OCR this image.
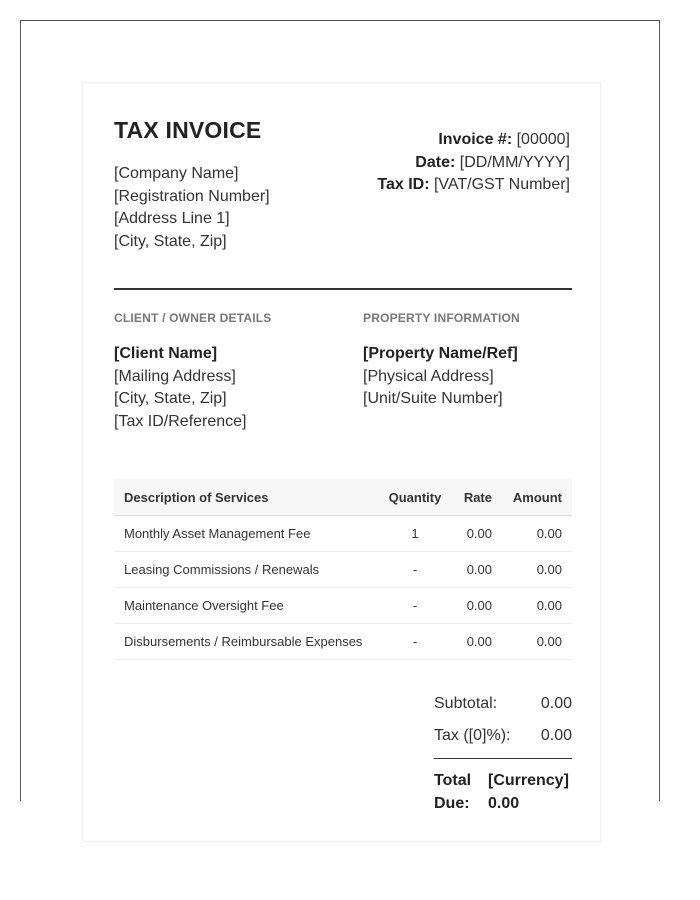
TAX INVOICE
[Company Name]
[Registration Number]
[Address Line 1]
[City, State, Zip]
Invoice #: [00000]
Date: [DD/MM/YYYY]
Tax ID: [VAT/GST Number]
CLIENT / OWNER DETAILS	PROPERTY INFORMATION
[Client Name]
[Mailing Address]
[City, State, Zip]
[Tax ID/Reference]
[Property Name/Ref]
[Physical Address]
[Unit/Suite Number]
Description of Services	Quantity	Rate	Amount
Monthly Asset Management Fee	1	0.00	0.00
Leasing Commissions / Renewals	-	0.00	0.00
Maintenance Oversight Fee	-	0.00	0.00
Disbursements / Reimbursable Expenses	-	0.00	0.00
Subtotal:	0.00
Tax ([0]%): 0.00
Total Due:
[Currency] 0.00
